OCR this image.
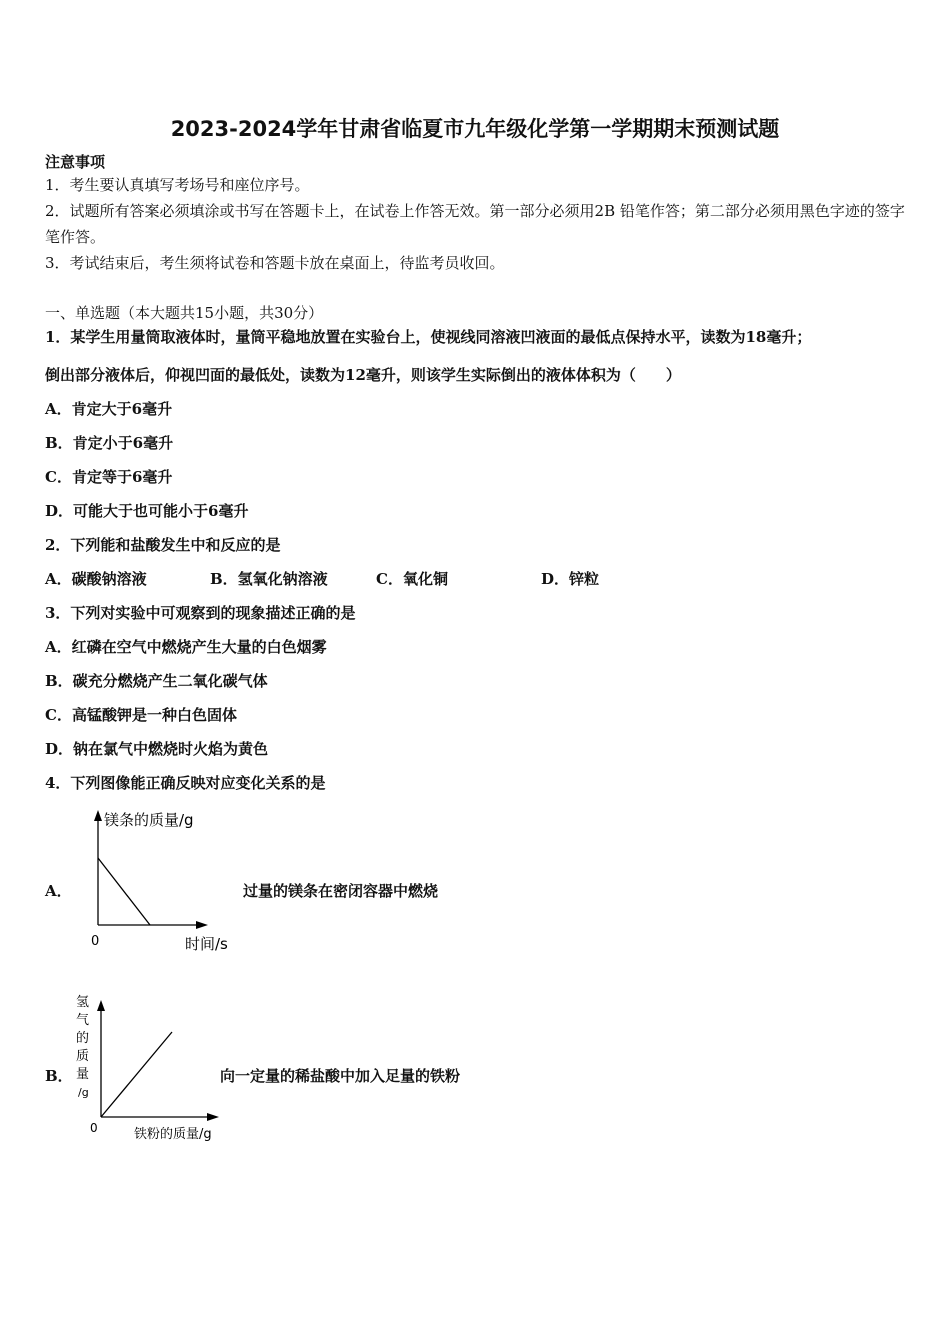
2023-2024学年甘肃省临夏市九年级化学第一学期期末预测试题
注意事项
1．考生要认真填写考场号和座位序号。
2．试题所有答案必须填涂或书写在答题卡上，在试卷上作答无效。第一部分必须用2B 铅笔作答；第二部分必须用黑色字迹的签字笔作答。
3．考试结束后，考生须将试卷和答题卡放在桌面上，待监考员收回。
一、单选题（本大题共15小题，共30分）
1．某学生用量筒取液体时，量筒平稳地放置在实验台上，使视线同溶液凹液面的最低点保持水平，读数为18毫升；
倒出部分液体后，仰视凹面的最低处，读数为12毫升，则该学生实际倒出的液体体积为（　　）
A．肯定大于6毫升
B．肯定小于6毫升
C．肯定等于6毫升
D．可能大于也可能小于6毫升
2．下列能和盐酸发生中和反应的是
A．碳酸钠溶液	B．氢氧化钠溶液	C．氧化铜	D．锌粒
3．下列对实验中可观察到的现象描述正确的是
A．红磷在空气中燃烧产生大量的白色烟雾
B．碳充分燃烧产生二氧化碳气体
C．高锰酸钾是一种白色固体
D．钠在氯气中燃烧时火焰为黄色
4．下列图像能正确反映对应变化关系的是
A．
镁条的质量/g
0	时间/s
过量的镁条在密闭容器中燃烧
B．
氢
气
的
质
量
/g
0	铁粉的质量/g
向一定量的稀盐酸中加入足量的铁粉
